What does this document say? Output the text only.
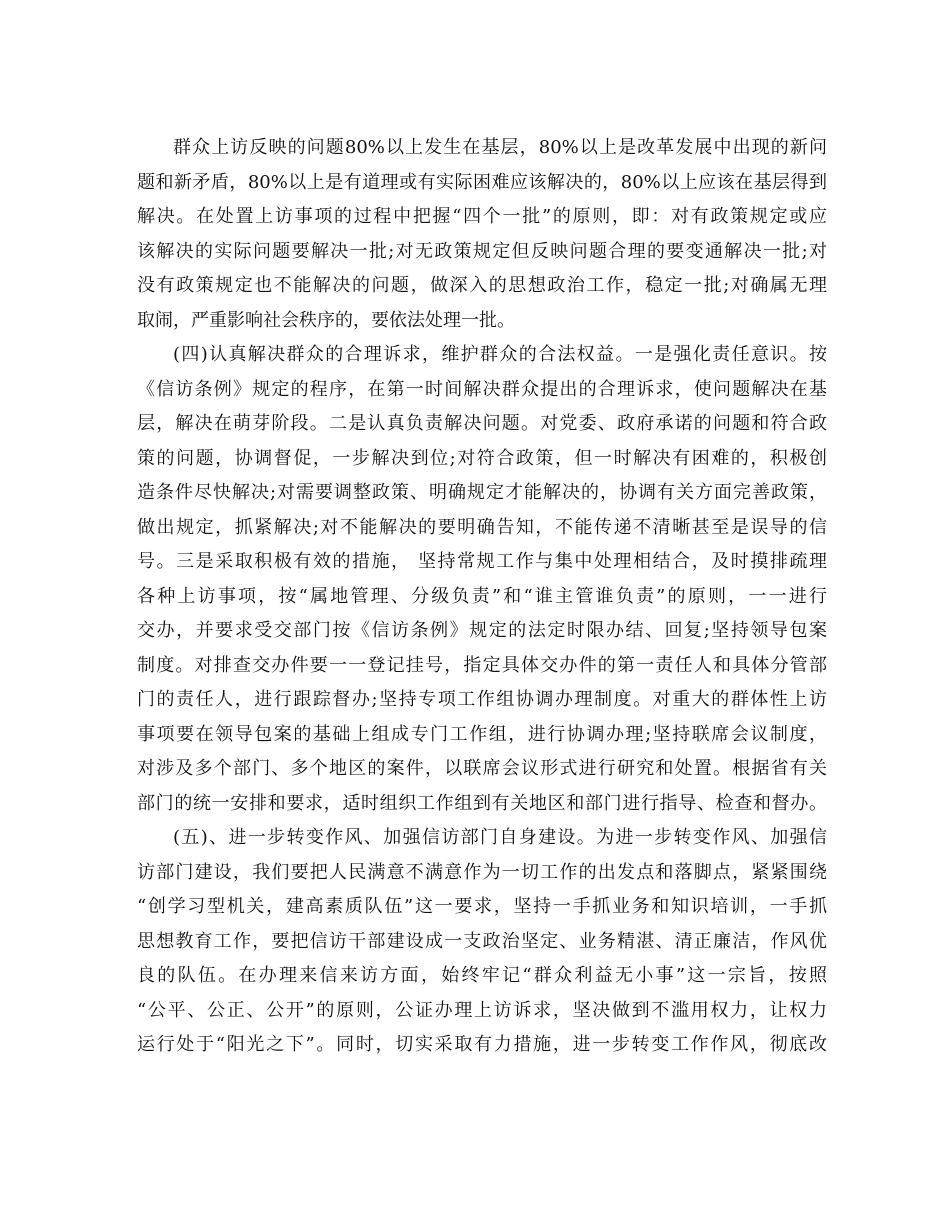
群众上访反映的问题80%以上发生在基层，80%以上是改革发展中出现的新问
题和新矛盾，80%以上是有道理或有实际困难应该解决的，80%以上应该在基层得到
解决。在处置上访事项的过程中把握“四个一批”的原则，即：对有政策规定或应
该解决的实际问题要解决一批;对无政策规定但反映问题合理的要变通解决一批;对
没有政策规定也不能解决的问题，做深入的思想政治工作，稳定一批;对确属无理
取闹，严重影响社会秩序的，要依法处理一批。
(四)认真解决群众的合理诉求，维护群众的合法权益。一是强化责任意识。按
《信访条例》规定的程序，在第一时间解决群众提出的合理诉求，使问题解决在基
层，解决在萌芽阶段。二是认真负责解决问题。对党委、政府承诺的问题和符合政
策的问题，协调督促，一步解决到位;对符合政策，但一时解决有困难的，积极创
造条件尽快解决;对需要调整政策、明确规定才能解决的，协调有关方面完善政策，
做出规定，抓紧解决;对不能解决的要明确告知，不能传递不清晰甚至是误导的信
号。三是采取积极有效的措施， 坚持常规工作与集中处理相结合，及时摸排疏理
各种上访事项，按“属地管理、分级负责”和“谁主管谁负责”的原则，一一进行
交办，并要求受交部门按《信访条例》规定的法定时限办结、回复;坚持领导包案
制度。对排查交办件要一一登记挂号，指定具体交办件的第一责任人和具体分管部
门的责任人，进行跟踪督办;坚持专项工作组协调办理制度。对重大的群体性上访
事项要在领导包案的基础上组成专门工作组，进行协调办理;坚持联席会议制度，
对涉及多个部门、多个地区的案件，以联席会议形式进行研究和处置。根据省有关
部门的统一安排和要求，适时组织工作组到有关地区和部门进行指导、检查和督办。
(五)、进一步转变作风、加强信访部门自身建设。为进一步转变作风、加强信
访部门建设，我们要把人民满意不满意作为一切工作的出发点和落脚点，紧紧围绕
“创学习型机关，建高素质队伍”这一要求，坚持一手抓业务和知识培训，一手抓
思想教育工作，要把信访干部建设成一支政治坚定、业务精湛、清正廉洁，作风优
良的队伍。在办理来信来访方面，始终牢记“群众利益无小事”这一宗旨，按照
“公平、公正、公开”的原则，公证办理上访诉求，坚决做到不滥用权力，让权力
运行处于“阳光之下”。同时，切实采取有力措施，进一步转变工作作风，彻底改
